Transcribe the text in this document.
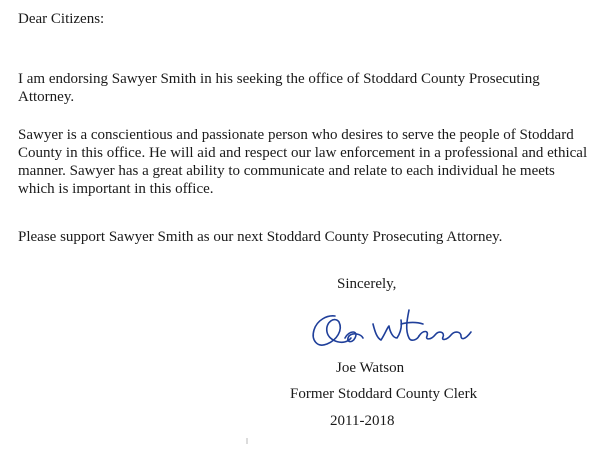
Dear Citizens:
I am endorsing Sawyer Smith in his seeking the office of Stoddard County Prosecuting Attorney.
Sawyer is a conscientious and passionate person who desires to serve the people of Stoddard County in this office. He will aid and respect our law enforcement in a professional and ethical manner. Sawyer has a great ability to communicate and relate to each individual he meets which is important in this office.
Please support Sawyer Smith as our next Stoddard County Prosecuting Attorney.
Sincerely,
Joe Watson
Former Stoddard County Clerk
2011-2018
